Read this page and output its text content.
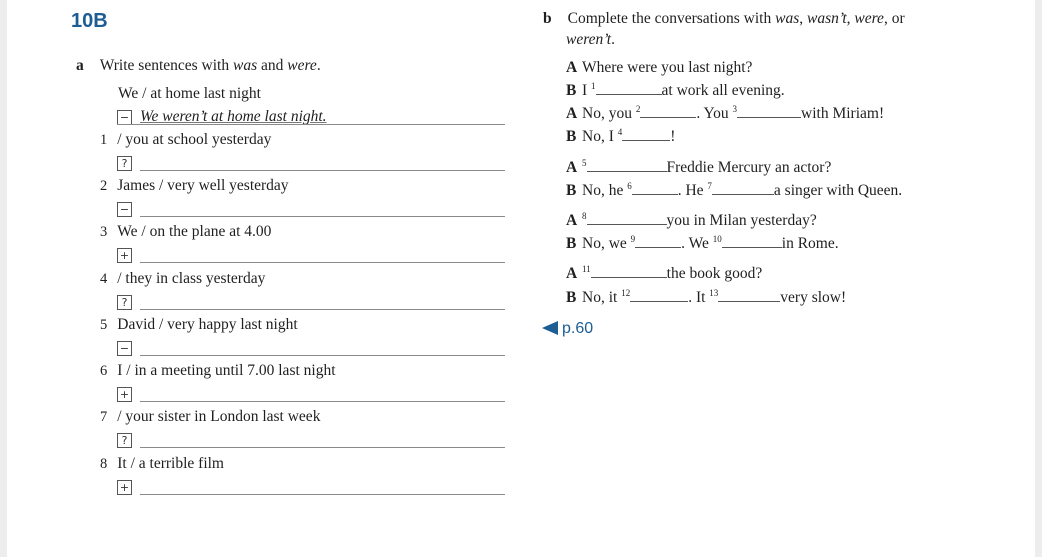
10B
a Write sentences with was and were.
We / at home last night
− We weren’t at home last night.
1 / you at school yesterday
?
2 James / very well yesterday
−
3 We / on the plane at 4.00
+
4 / they in class yesterday
?
5 David / very happy last night
−
6 I / in a meeting until 7.00 last night
+
7 / your sister in London last week
?
8 It / a terrible film
+
b Complete the conversations with was, wasn’t, were, or
weren’t.
A Where were you last night?
B I $^1$	at work all evening.
A No, you $^2$	. You $^3$	with Miriam!
B No, I $^4$	!
A $^5$	Freddie Mercury an actor?
B No, he $^6$	. He $^7$	a singer with Queen.
A $^8$	you in Milan yesterday?
B No, we $^9$	. We $^{10}$	in Rome.
A $^{11}$	the book good?
B No, it $^{12}$	. It $^{13}$	very slow!
p.60
